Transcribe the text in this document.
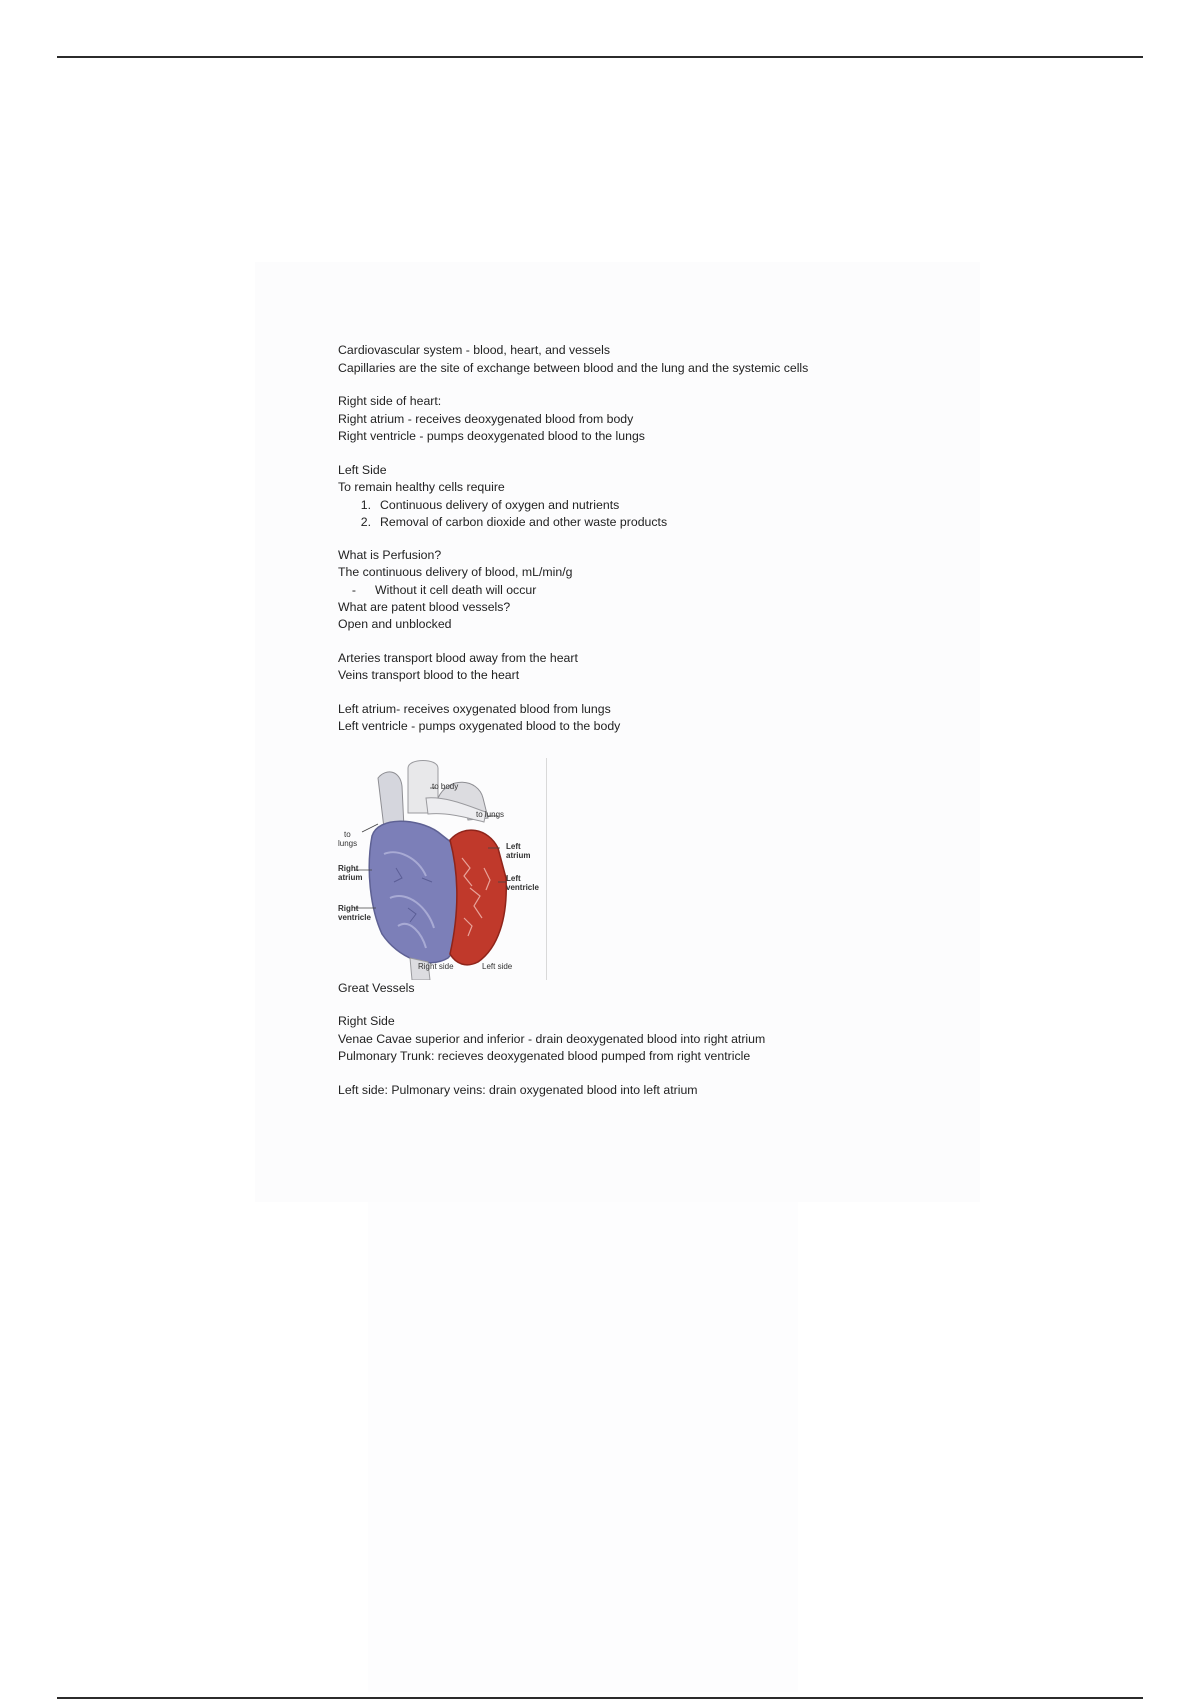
Cardiovascular system - blood, heart, and vessels
Capillaries are the site of exchange between blood and the lung and the systemic cells
Right side of heart:
Right atrium - receives deoxygenated blood from body
Right ventricle - pumps deoxygenated blood to the lungs
Left Side
To remain healthy cells require
1. Continuous delivery of oxygen and nutrients
2. Removal of carbon dioxide and other waste products
What is Perfusion?
The continuous delivery of blood, mL/min/g
-	Without it cell death will occur
What are patent blood vessels?
Open and unblocked
Arteries transport blood away from the heart
Veins transport blood to the heart
Left atrium- receives oxygenated blood from lungs
Left ventricle - pumps oxygenated blood to the body
to body
to lungs
to
lungs
Right
atrium
Right
ventricle
Left
atrium
Left
ventricle
Right side	Left side
Great Vessels
Right Side
Venae Cavae superior and inferior - drain deoxygenated blood into right atrium
Pulmonary Trunk: recieves deoxygenated blood pumped from right ventricle
Left side: Pulmonary veins: drain oxygenated blood into left atrium
